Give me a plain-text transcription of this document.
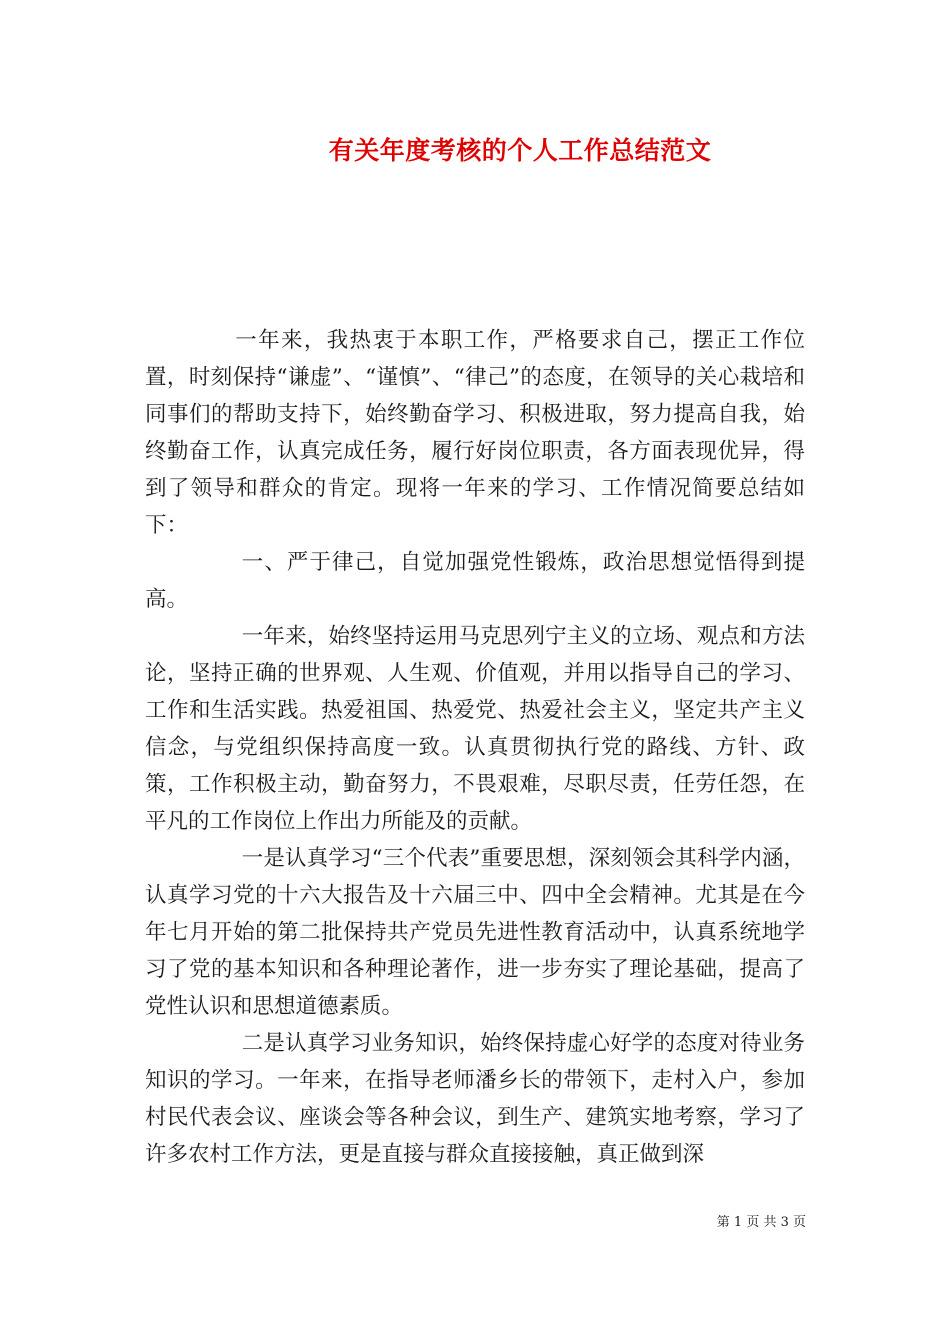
有关年度考核的个人工作总结范文

一年来，我热衷于本职工作，严格要求自己，摆正工作位置，时刻保持“谦虚”、“谨慎”、“律己”的态度，在领导的关心栽培和同事们的帮助支持下，始终勤奋学习、积极进取，努力提高自我，始终勤奋工作，认真完成任务，履行好岗位职责，各方面表现优异，得到了领导和群众的肯定。现将一年来的学习、工作情况简要总结如下：

一、严于律己，自觉加强党性锻炼，政治思想觉悟得到提高。

一年来，始终坚持运用马克思列宁主义的立场、观点和方法论，坚持正确的世界观、人生观、价值观，并用以指导自己的学习、工作和生活实践。热爱祖国、热爱党、热爱社会主义，坚定共产主义信念，与党组织保持高度一致。认真贯彻执行党的路线、方针、政策，工作积极主动，勤奋努力，不畏艰难，尽职尽责，任劳任怨，在平凡的工作岗位上作出力所能及的贡献。

一是认真学习“三个代表”重要思想，深刻领会其科学内涵，认真学习党的十六大报告及十六届三中、四中全会精神。尤其是在今年七月开始的第二批保持共产党员先进性教育活动中，认真系统地学习了党的基本知识和各种理论著作，进一步夯实了理论基础，提高了党性认识和思想道德素质。

二是认真学习业务知识，始终保持虚心好学的态度对待业务知识的学习。一年来，在指导老师潘乡长的带领下，走村入户，参加村民代表会议、座谈会等各种会议，到生产、建筑实地考察，学习了许多农村工作方法，更是直接与群众直接接触，真正做到深

第 1 页 共 3 页
